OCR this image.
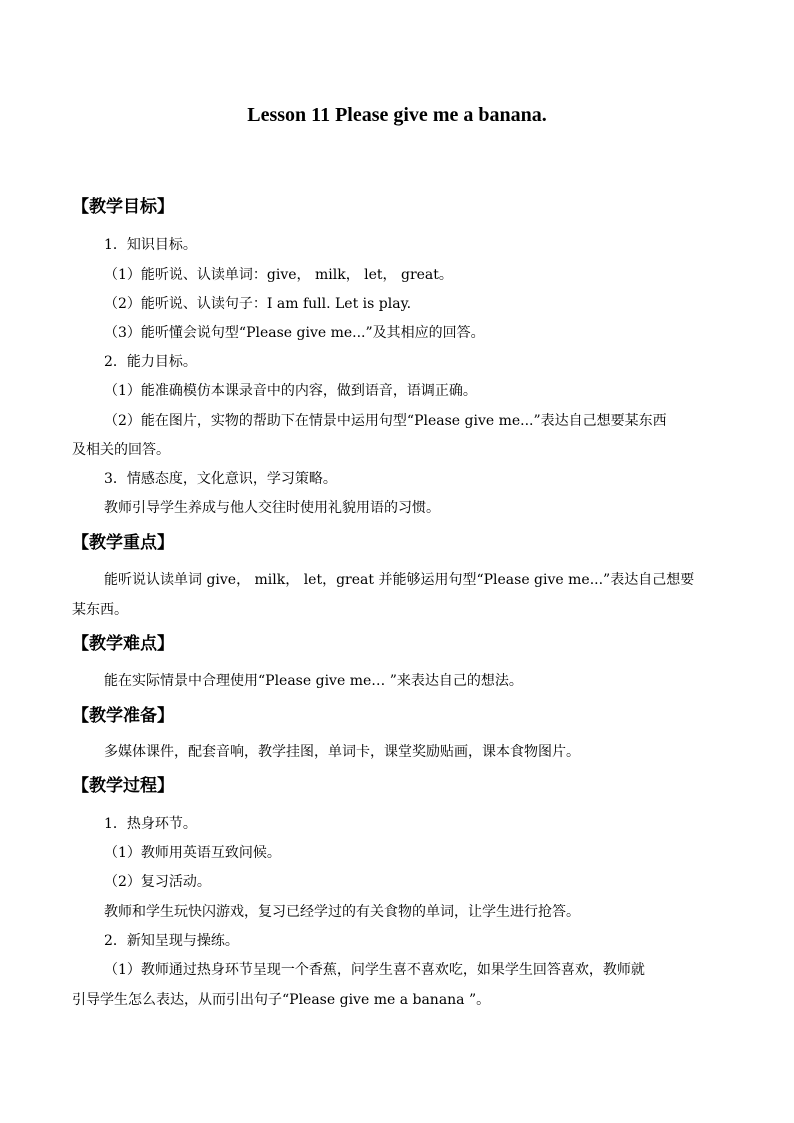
Lesson 11 Please give me a banana.
【教学目标】
1．知识目标。
（1）能听说、认读单词：give， milk， let， great。
（2）能听说、认读句子：I am full. Let is play.
（3）能听懂会说句型“Please give me...”及其相应的回答。
2．能力目标。
（1）能准确模仿本课录音中的内容，做到语音，语调正确。
（2）能在图片，实物的帮助下在情景中运用句型“Please give me...”表达自己想要某东西
及相关的回答。
3．情感态度，文化意识，学习策略。
教师引导学生养成与他人交往时使用礼貌用语的习惯。
【教学重点】
能听说认读单词 give， milk， let，great 并能够运用句型“Please give me...”表达自己想要
某东西。
【教学难点】
能在实际情景中合理使用“Please give me… ”来表达自己的想法。
【教学准备】
多媒体课件，配套音响，教学挂图，单词卡，课堂奖励贴画，课本食物图片。
【教学过程】
1．热身环节。
（1）教师用英语互致问候。
（2）复习活动。
教师和学生玩快闪游戏，复习已经学过的有关食物的单词，让学生进行抢答。
2．新知呈现与操练。
（1）教师通过热身环节呈现一个香蕉，问学生喜不喜欢吃，如果学生回答喜欢，教师就
引导学生怎么表达，从而引出句子“Please give me a banana ”。
